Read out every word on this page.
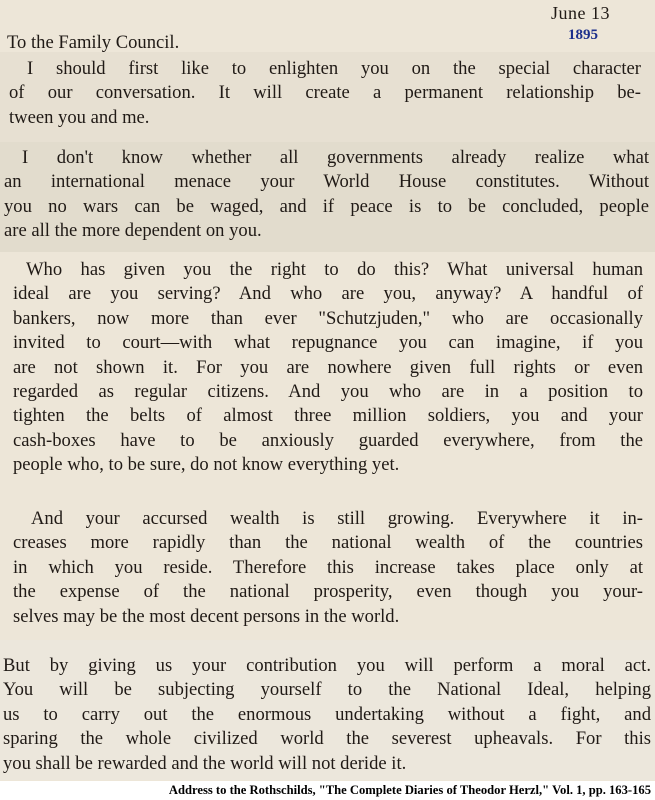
June 13
1895

To the Family Council.

I should first like to enlighten you on the special character
of our conversation. It will create a permanent relationship be-
tween you and me.

I don't know whether all governments already realize what
an international menace your World House constitutes. Without
you no wars can be waged, and if peace is to be concluded, people
are all the more dependent on you.

Who has given you the right to do this? What universal human
ideal are you serving? And who are you, anyway? A handful of
bankers, now more than ever "Schutzjuden," who are occasionally
invited to court—with what repugnance you can imagine, if you
are not shown it. For you are nowhere given full rights or even
regarded as regular citizens. And you who are in a position to
tighten the belts of almost three million soldiers, you and your
cash-boxes have to be anxiously guarded everywhere, from the
people who, to be sure, do not know everything yet.

And your accursed wealth is still growing. Everywhere it in-
creases more rapidly than the national wealth of the countries
in which you reside. Therefore this increase takes place only at
the expense of the national prosperity, even though you your-
selves may be the most decent persons in the world.

But by giving us your contribution you will perform a moral act.
You will be subjecting yourself to the National Ideal, helping
us to carry out the enormous undertaking without a fight, and
sparing the whole civilized world the severest upheavals. For this
you shall be rewarded and the world will not deride it.

Address to the Rothschilds, "The Complete Diaries of Theodor Herzl," Vol. 1, pp. 163-165
